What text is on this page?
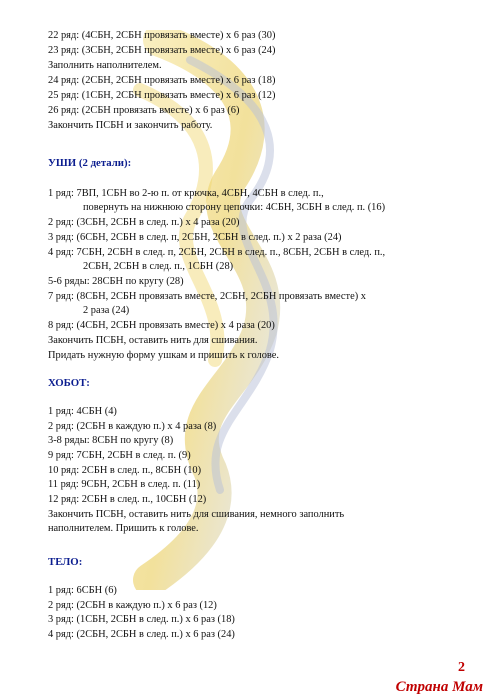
22 ряд: (4СБН, 2СБН провязать вместе) х 6 раз (30)
23 ряд: (3СБН, 2СБН провязать вместе) х 6 раз (24)
Заполнить наполнителем.
24 ряд: (2СБН, 2СБН провязать вместе) х 6 раз (18)
25 ряд: (1СБН, 2СБН провязать вместе) х 6 раз (12)
26 ряд: (2СБН провязать вместе) х 6 раз (6)
Закончить ПСБН и закончить работу.
УШИ (2 детали):
1 ряд: 7ВП, 1СБН во 2-ю п. от крючка, 4СБН, 4СБН в след. п.,
повернуть на нижнюю сторону цепочки: 4СБН, 3СБН в след. п. (16)
2 ряд: (3СБН, 2СБН в след. п.) х 4 раза (20)
3 ряд: (6СБН, 2СБН в след. п, 2СБН, 2СБН в след. п.) х 2 раза (24)
4 ряд: 7СБН, 2СБН в след. п, 2СБН, 2СБН в след. п., 8СБН, 2СБН в след. п.,
2СБН, 2СБН в след. п., 1СБН (28)
5-6 ряды: 28СБН по кругу (28)
7 ряд: (8СБН, 2СБН провязать вместе, 2СБН, 2СБН провязать вместе) х
2 раза (24)
8 ряд: (4СБН, 2СБН провязать вместе) х 4 раза (20)
Закончить ПСБН, оставить нить для сшивания.
Придать нужную форму ушкам и пришить к голове.
ХОБОТ:
1 ряд: 4СБН (4)
2 ряд: (2СБН в каждую п.) х 4 раза (8)
3-8 ряды: 8СБН по кругу (8)
9 ряд: 7СБН, 2СБН в след. п. (9)
10 ряд: 2СБН в след. п., 8СБН (10)
11 ряд: 9СБН, 2СБН в след. п. (11)
12 ряд: 2СБН в след. п., 10СБН (12)
Закончить ПСБН, оставить нить для сшивания, немного заполнить
наполнителем. Пришить к голове.
ТЕЛО:
1 ряд: 6СБН (6)
2 ряд: (2СБН в каждую п.) х 6 раз (12)
3 ряд: (1СБН, 2СБН в след. п.) х 6 раз (18)
4 ряд: (2СБН, 2СБН в след. п.) х 6 раз (24)
2
Страна Мам
